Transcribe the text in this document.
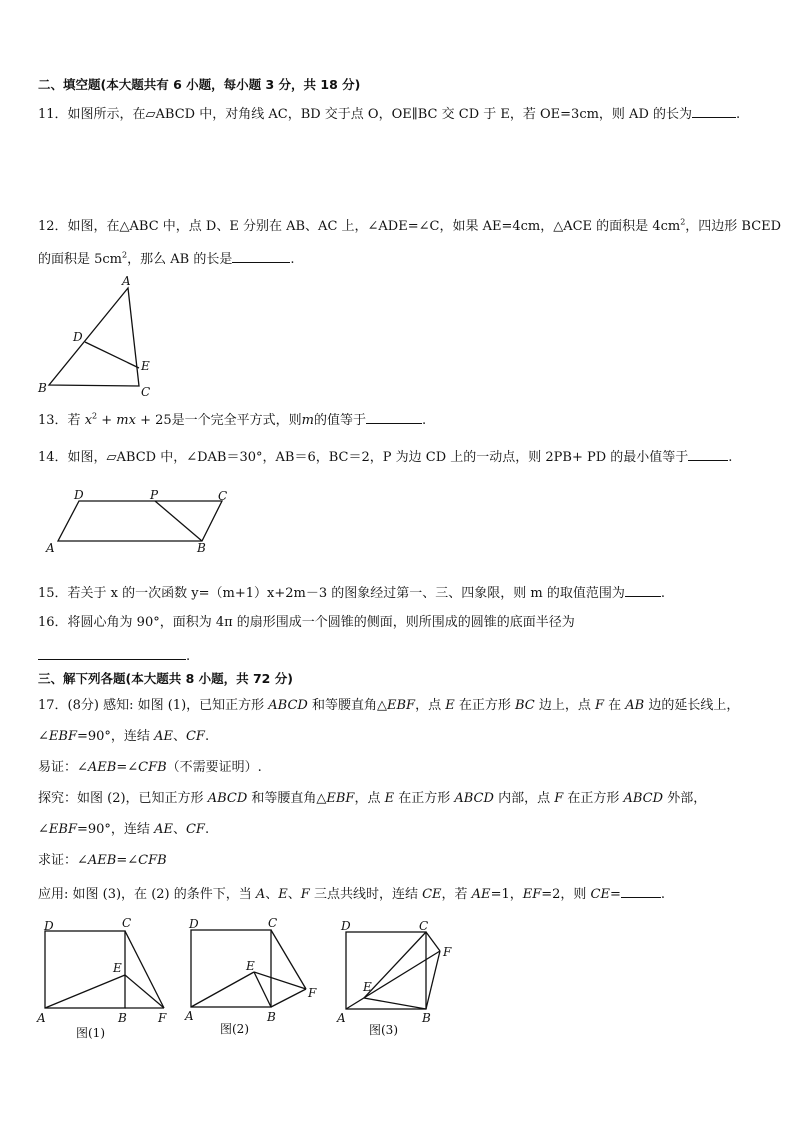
二、填空题(本大题共有 6 小题，每小题 3 分，共 18 分)
11．如图所示，在▱ABCD 中，对角线 AC，BD 交于点 O，OE∥BC 交 CD 于 E，若 OE=3cm，则 AD 的长为	.
12．如图，在△ABC 中，点 D、E 分别在 AB、AC 上，∠ADE=∠C，如果 AE=4cm，△ACE 的面积是 $4cm^2$，四边形 BCED
的面积是 $5cm^2$，那么 AB 的长是	.
A
B	C
D
E
13．若 $x^2$ + mx + 25是一个完全平方式，则m的值等于	.
14．如图，▱ABCD 中，∠DAB＝30°，AB＝6，BC＝2，P 为边 CD 上的一动点，则 2PB+ PD 的最小值等于	.
A	B
C
D	P
15．若关于 x 的一次函数 y=（m+1）x+2m－3 的图象经过第一、三、四象限，则 m 的取值范围为	.
16．将圆心角为 90°，面积为 4π 的扇形围成一个圆锥的侧面，则所围成的圆锥的底面半径为
.
三、解下列各题(本大题共 8 小题，共 72 分)
17．(8分) 感知: 如图 (1)，已知正方形 ABCD 和等腰直角△EBF，点 E 在正方形 BC 边上，点 F 在 AB 边的延长线上，
∠EBF=90°，连结 AE、CF.
易证：∠AEB=∠CFB（不需要证明）.
探究：如图 (2)，已知正方形 ABCD 和等腰直角△EBF，点 E 在正方形 ABCD 内部，点 F 在正方形 ABCD 外部，
∠EBF=90°，连结 AE、CF.
求证：∠AEB=∠CFB
应用: 如图 (3)，在 (2) 的条件下，当 A、E、F 三点共线时，连结 CE，若 AE=1，EF=2，则 CE=	.
D	C
E
A	B	F
图(1)
D	C
E
F
A	B
图(2)
D	C
F
E
A	B
图(3)
